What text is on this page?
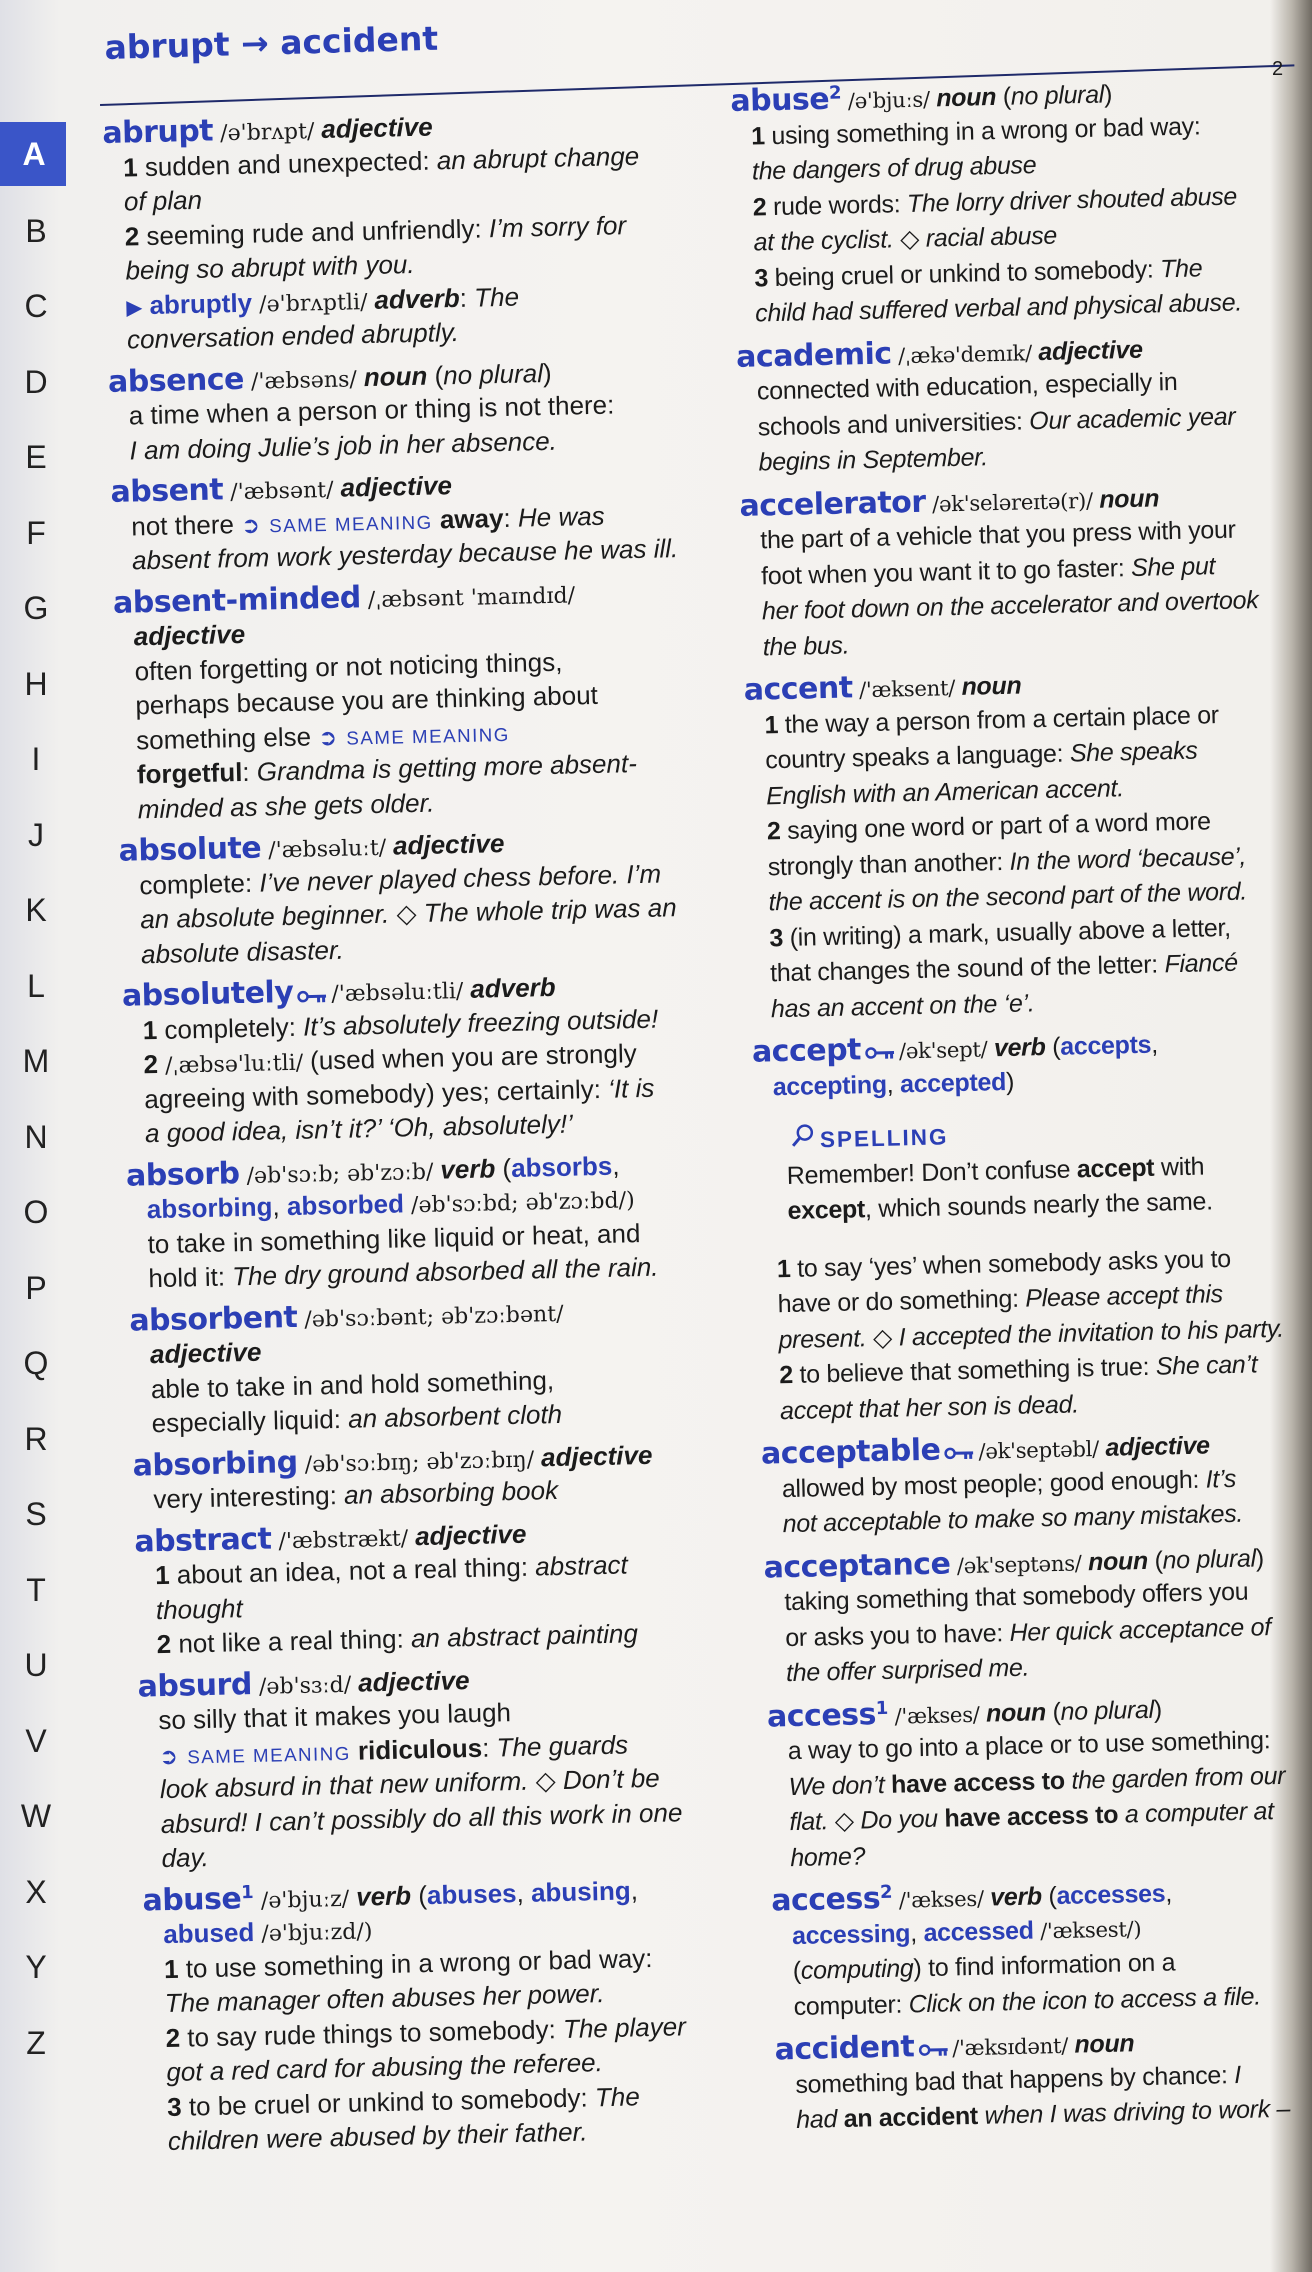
abrupt → accident
2
A
B
C
D
E
F
G
H
I
J
K
L
M
N
O
P
Q
R
S
T
U
V
W
X
Y
Z
abrupt /ə'brʌpt/ adjective
1 sudden and unexpected: an abrupt change
of plan
2 seeming rude and unfriendly: I’m sorry for
being so abrupt with you.
▶ abruptly /ə'brʌptli/ adverb: The
conversation ended abruptly.
absence /'æbsəns/ noun (no plural)
a time when a person or thing is not there:
I am doing Julie’s job in her absence.
absent /'æbsənt/ adjective
not there ➲ SAME MEANING away: He was
absent from work yesterday because he was ill.
absent-minded /ˌæbsənt 'maɪndɪd/
adjective
often forgetting or not noticing things,
perhaps because you are thinking about
something else ➲ SAME MEANING
forgetful: Grandma is getting more absent-
minded as she gets older.
absolute /'æbsəluːt/ adjective
complete: I’ve never played chess before. I’m
an absolute beginner. ◇ The whole trip was an
absolute disaster.
absolutely /'æbsəluːtli/ adverb
1 completely: It’s absolutely freezing outside!
2 /ˌæbsə'luːtli/ (used when you are strongly
agreeing with somebody) yes; certainly: ‘It is
a good idea, isn’t it?’ ‘Oh, absolutely!’
absorb /əb'sɔːb; əb'zɔːb/ verb (absorbs,
absorbing, absorbed /əb'sɔːbd; əb'zɔːbd/)
to take in something like liquid or heat, and
hold it: The dry ground absorbed all the rain.
absorbent /əb'sɔːbənt; əb'zɔːbənt/
adjective
able to take in and hold something,
especially liquid: an absorbent cloth
absorbing /əb'sɔːbɪŋ; əb'zɔːbɪŋ/ adjective
very interesting: an absorbing book
abstract /'æbstrækt/ adjective
1 about an idea, not a real thing: abstract
thought
2 not like a real thing: an abstract painting
absurd /əb'sɜːd/ adjective
so silly that it makes you laugh
➲ SAME MEANING ridiculous: The guards
look absurd in that new uniform. ◇ Don’t be
absurd! I can’t possibly do all this work in one
day.
abuse$^1$ /ə'bjuːz/ verb (abuses, abusing,
abused /ə'bjuːzd/)
1 to use something in a wrong or bad way:
The manager often abuses her power.
2 to say rude things to somebody: The player
got a red card for abusing the referee.
3 to be cruel or unkind to somebody: The
children were abused by their father.
abuse$^2$ /ə'bjuːs/ noun (no plural)
1 using something in a wrong or bad way:
the dangers of drug abuse
2 rude words: The lorry driver shouted abuse
at the cyclist. ◇ racial abuse
3 being cruel or unkind to somebody: The
child had suffered verbal and physical abuse.
academic /ˌækə'demɪk/ adjective
connected with education, especially in
schools and universities: Our academic year
begins in September.
accelerator /ək'seləreɪtə(r)/ noun
the part of a vehicle that you press with your
foot when you want it to go faster: She put
her foot down on the accelerator and overtook
the bus.
accent /'æksent/ noun
1 the way a person from a certain place or
country speaks a language: She speaks
English with an American accent.
2 saying one word or part of a word more
strongly than another: In the word ‘because’,
the accent is on the second part of the word.
3 (in writing) a mark, usually above a letter,
that changes the sound of the letter: Fiancé
has an accent on the ‘e’.
accept /ək'sept/ verb (accepts,
accepting, accepted)
SPELLING
Remember! Don’t confuse accept with
except, which sounds nearly the same.
1 to say ‘yes’ when somebody asks you to
have or do something: Please accept this
present. ◇ I accepted the invitation to his party.
2 to believe that something is true: She can’t
accept that her son is dead.
acceptable /ək'septəbl/ adjective
allowed by most people; good enough: It’s
not acceptable to make so many mistakes.
acceptance /ək'septəns/ noun (no plural)
taking something that somebody offers you
or asks you to have: Her quick acceptance of
the offer surprised me.
access$^1$ /'ækses/ noun (no plural)
a way to go into a place or to use something:
We don’t have access to the garden from our
flat. ◇ Do you have access to a computer at
home?
access$^2$ /'ækses/ verb (accesses,
accessing, accessed /'æksest/)
(computing) to find information on a
computer: Click on the icon to access a file.
accident /'æksɪdənt/ noun
something bad that happens by chance: I
had an accident when I was driving to work –
